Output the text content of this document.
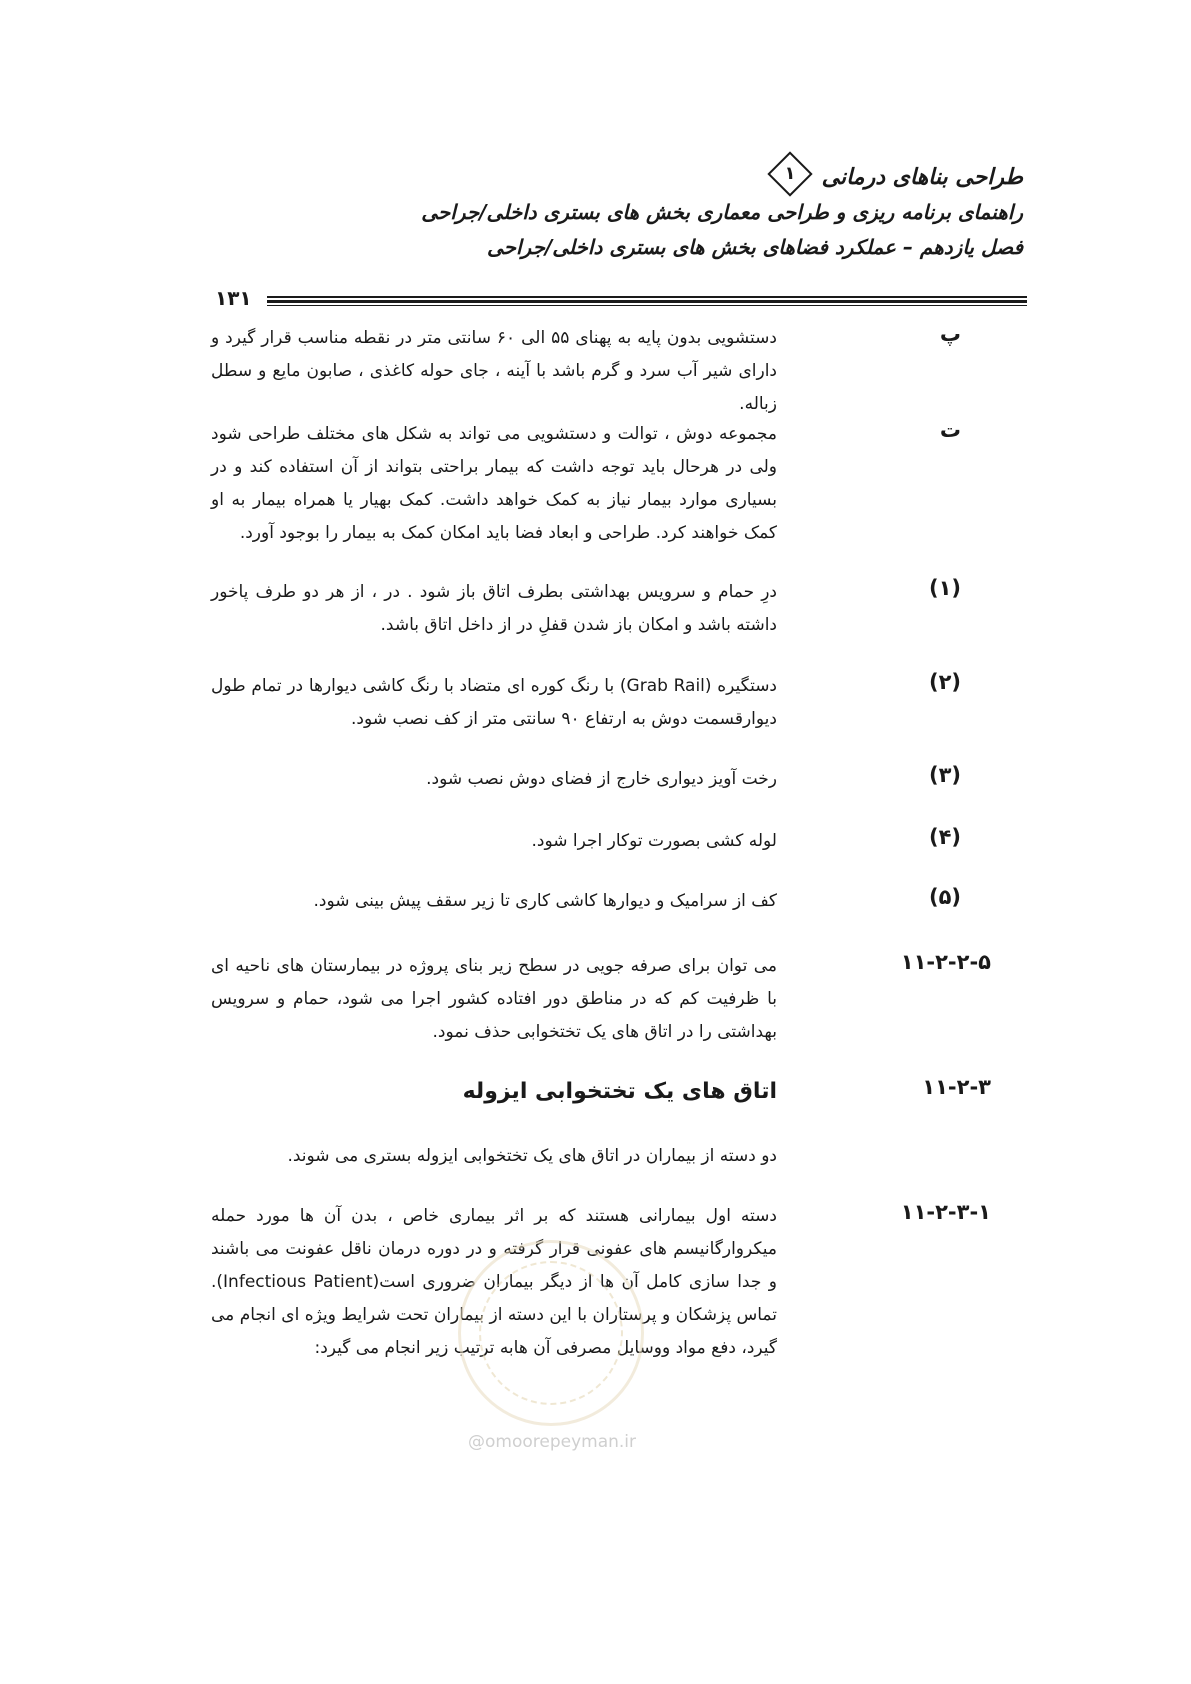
طراحی بناهای درمانی
۱
راهنمای برنامه ریزی و طراحی معماری بخش های بستری داخلی/جراحی
فصل یازدهم – عملکرد فضاهای بخش های بستری داخلی/جراحی
۱۳۱
پ
دستشویی بدون پایه به پهنای ۵۵ الی ۶۰ سانتی متر در نقطه مناسب قرار گیرد و دارای شیر آب سرد و گرم باشد با آینه ، جای حوله کاغذی ، صابون مایع و سطل زباله.
ت
مجموعه دوش ، توالت و دستشویی می تواند به شکل های مختلف طراحی شود ولی در هرحال باید توجه داشت که بیمار براحتی بتواند از آن استفاده کند و در بسیاری موارد بیمار نیاز به کمک خواهد داشت. کمک بهیار یا همراه بیمار به او کمک خواهند کرد. طراحی و ابعاد فضا باید امکان کمک به بیمار را بوجود آورد.
(۱)
درِ حمام و سرویس بهداشتی بطرف اتاق باز شود . در ، از هر دو طرف پاخور داشته باشد و امکان باز شدن قفلِ در از داخل اتاق باشد.
(۲)
دستگیره (Grab Rail) با رنگ کوره ای متضاد با رنگ کاشی دیوارها در تمام طول دیوارقسمت دوش به ارتفاع ۹۰ سانتی متر از کف نصب شود.
(۳)
رخت آویز دیواری خارج از فضای دوش نصب شود.
(۴)
لوله کشی بصورت توکار اجرا شود.
(۵)
کف از سرامیک و دیوارها کاشی کاری تا زیر سقف پیش بینی شود.
۱۱-۲-۲-۵
می توان برای صرفه جویی در سطح زیر بنای پروژه در بیمارستان های ناحیه ای با ظرفیت کم که در مناطق دور افتاده کشور اجرا می شود، حمام و سرویس بهداشتی را در اتاق های یک تختخوابی حذف نمود.
۱۱-۲-۳
اتاق های یک تختخوابی ایزوله
دو دسته از بیماران در اتاق های یک تختخوابی ایزوله بستری می شوند.
۱۱-۲-۳-۱
دسته اول بیمارانی هستند که بر اثر بیماری خاص ، بدن آن ها مورد حمله میکروارگانیسم های عفونی قرار گرفته و در دوره درمان ناقل عفونت می باشند و جدا سازی کامل آن ها از دیگر بیماران ضروری است(Infectious Patient). تماس پزشکان و پرستاران با این دسته از بیماران تحت شرایط ویژه ای انجام می گیرد، دفع مواد ووسایل مصرفی آن هابه ترتیب زیر انجام می گیرد:
@omoorepeyman.ir
